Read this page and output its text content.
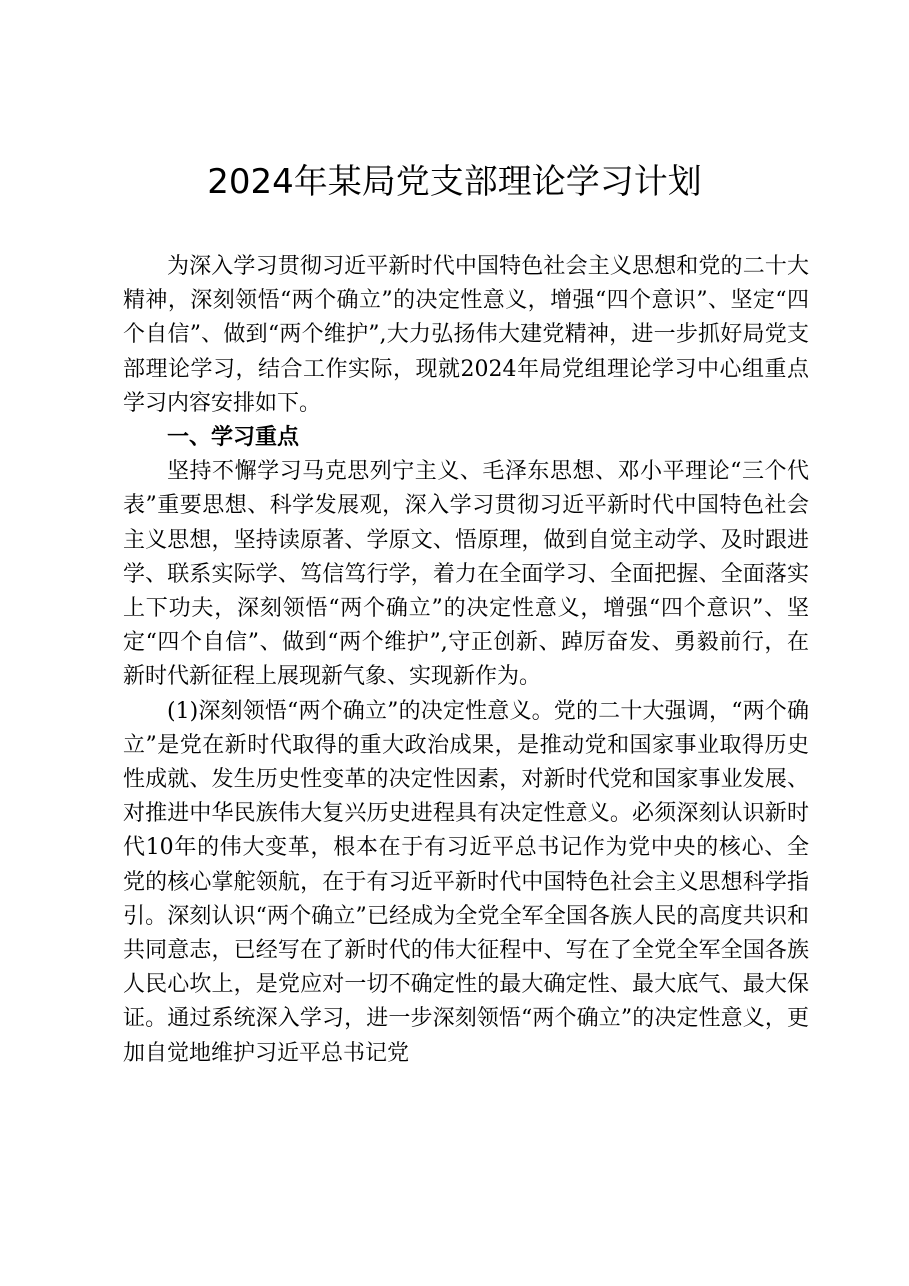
2024年某局党支部理论学习计划

为深入学习贯彻习近平新时代中国特色社会主义思想和党的二十大精神，深刻领悟“两个确立”的决定性意义，增强“四个意识”、坚定“四个自信”、做到“两个维护”,大力弘扬伟大建党精神，进一步抓好局党支部理论学习，结合工作实际，现就2024年局党组理论学习中心组重点学习内容安排如下。

一、学习重点

坚持不懈学习马克思列宁主义、毛泽东思想、邓小平理论“三个代表”重要思想、科学发展观，深入学习贯彻习近平新时代中国特色社会主义思想，坚持读原著、学原文、悟原理，做到自觉主动学、及时跟进学、联系实际学、笃信笃行学，着力在全面学习、全面把握、全面落实上下功夫，深刻领悟“两个确立”的决定性意义，增强“四个意识”、坚定“四个自信”、做到“两个维护”,守正创新、踔厉奋发、勇毅前行，在新时代新征程上展现新气象、实现新作为。

(1)深刻领悟“两个确立”的决定性意义。党的二十大强调，“两个确立”是党在新时代取得的重大政治成果，是推动党和国家事业取得历史性成就、发生历史性变革的决定性因素，对新时代党和国家事业发展、对推进中华民族伟大复兴历史进程具有决定性意义。必须深刻认识新时代10年的伟大变革，根本在于有习近平总书记作为党中央的核心、全党的核心掌舵领航，在于有习近平新时代中国特色社会主义思想科学指引。深刻认识“两个确立”已经成为全党全军全国各族人民的高度共识和共同意志，已经写在了新时代的伟大征程中、写在了全党全军全国各族人民心坎上，是党应对一切不确定性的最大确定性、最大底气、最大保证。通过系统深入学习，进一步深刻领悟“两个确立”的决定性意义，更加自觉地维护习近平总书记党
